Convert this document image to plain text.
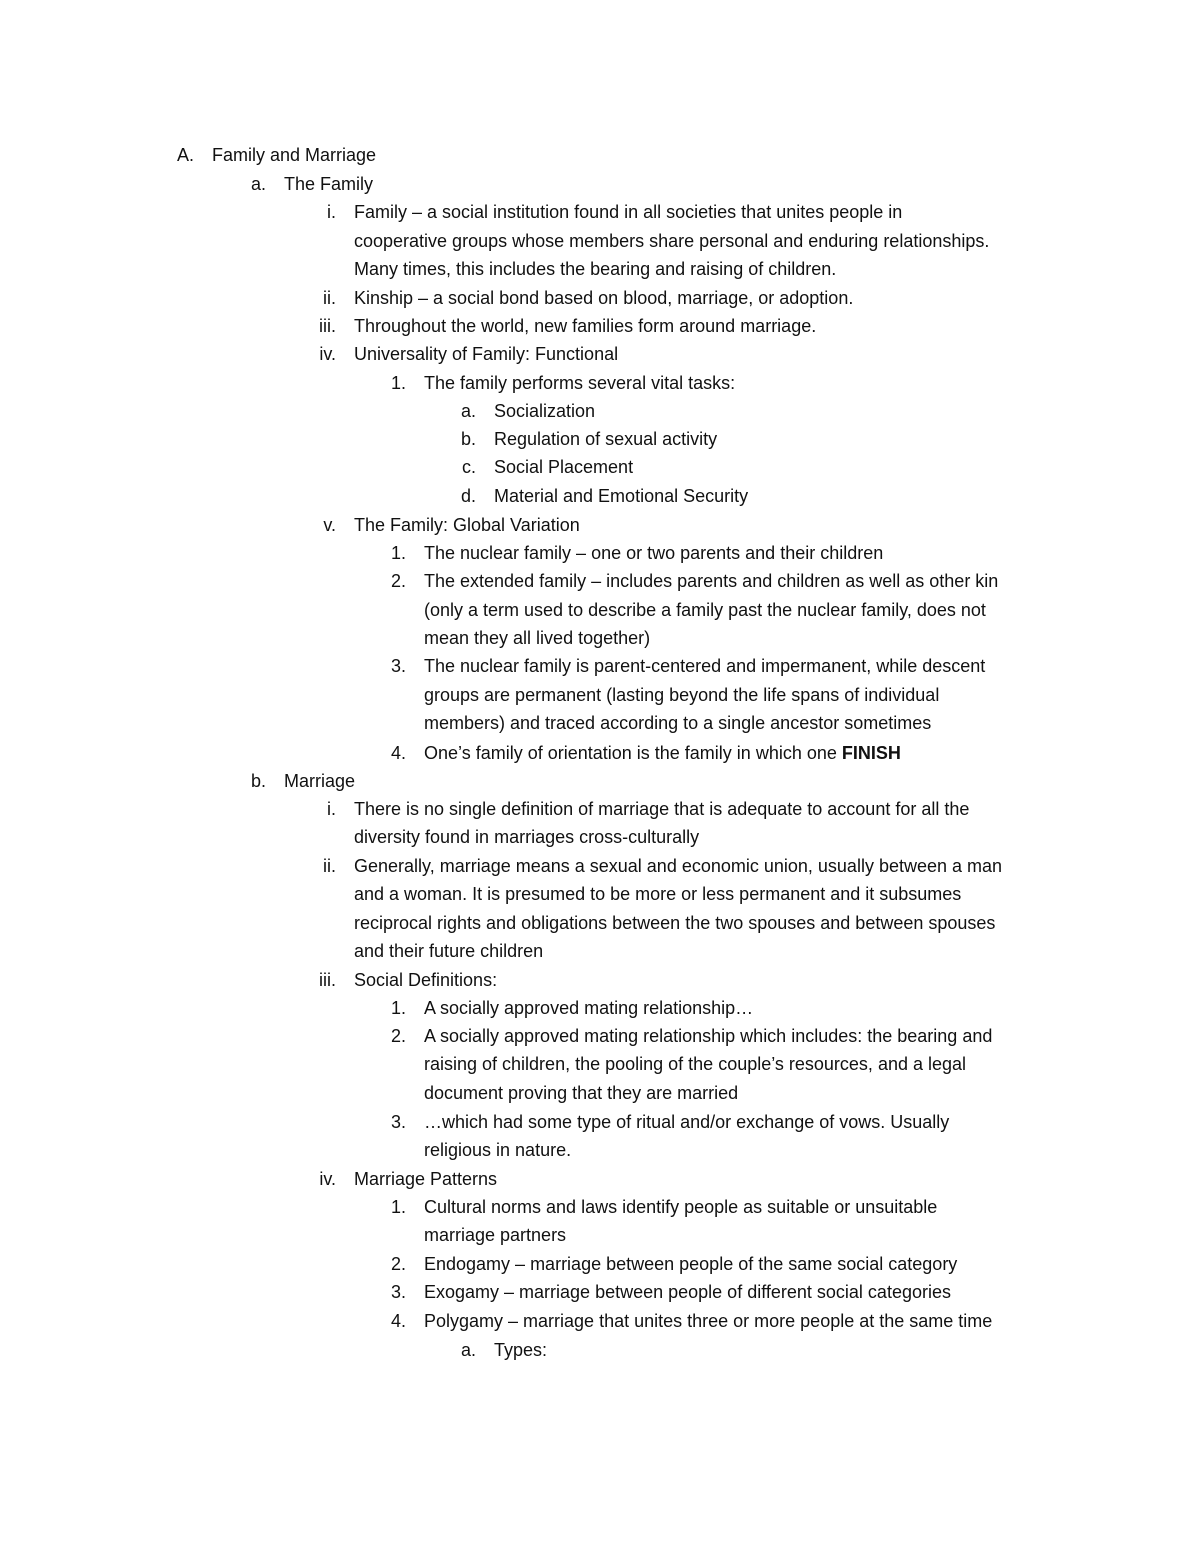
A. Family and Marriage
a. The Family
i. Family – a social institution found in all societies that unites people in
cooperative groups whose members share personal and enduring relationships.
Many times, this includes the bearing and raising of children.
ii. Kinship – a social bond based on blood, marriage, or adoption.
iii. Throughout the world, new families form around marriage.
iv. Universality of Family: Functional
1. The family performs several vital tasks:
a. Socialization
b. Regulation of sexual activity
c. Social Placement
d. Material and Emotional Security
v. The Family: Global Variation
1. The nuclear family – one or two parents and their children
2. The extended family – includes parents and children as well as other kin
(only a term used to describe a family past the nuclear family, does not
mean they all lived together)
3. The nuclear family is parent-centered and impermanent, while descent
groups are permanent (lasting beyond the life spans of individual
members) and traced according to a single ancestor sometimes
4. One’s family of orientation is the family in which one FINISH
b. Marriage
i. There is no single definition of marriage that is adequate to account for all the
diversity found in marriages cross-culturally
ii. Generally, marriage means a sexual and economic union, usually between a man
and a woman. It is presumed to be more or less permanent and it subsumes
reciprocal rights and obligations between the two spouses and between spouses
and their future children
iii. Social Definitions:
1. A socially approved mating relationship…
2. A socially approved mating relationship which includes: the bearing and
raising of children, the pooling of the couple’s resources, and a legal
document proving that they are married
3. …which had some type of ritual and/or exchange of vows. Usually
religious in nature.
iv. Marriage Patterns
1. Cultural norms and laws identify people as suitable or unsuitable
marriage partners
2. Endogamy – marriage between people of the same social category
3. Exogamy – marriage between people of different social categories
4. Polygamy – marriage that unites three or more people at the same time
a. Types:
